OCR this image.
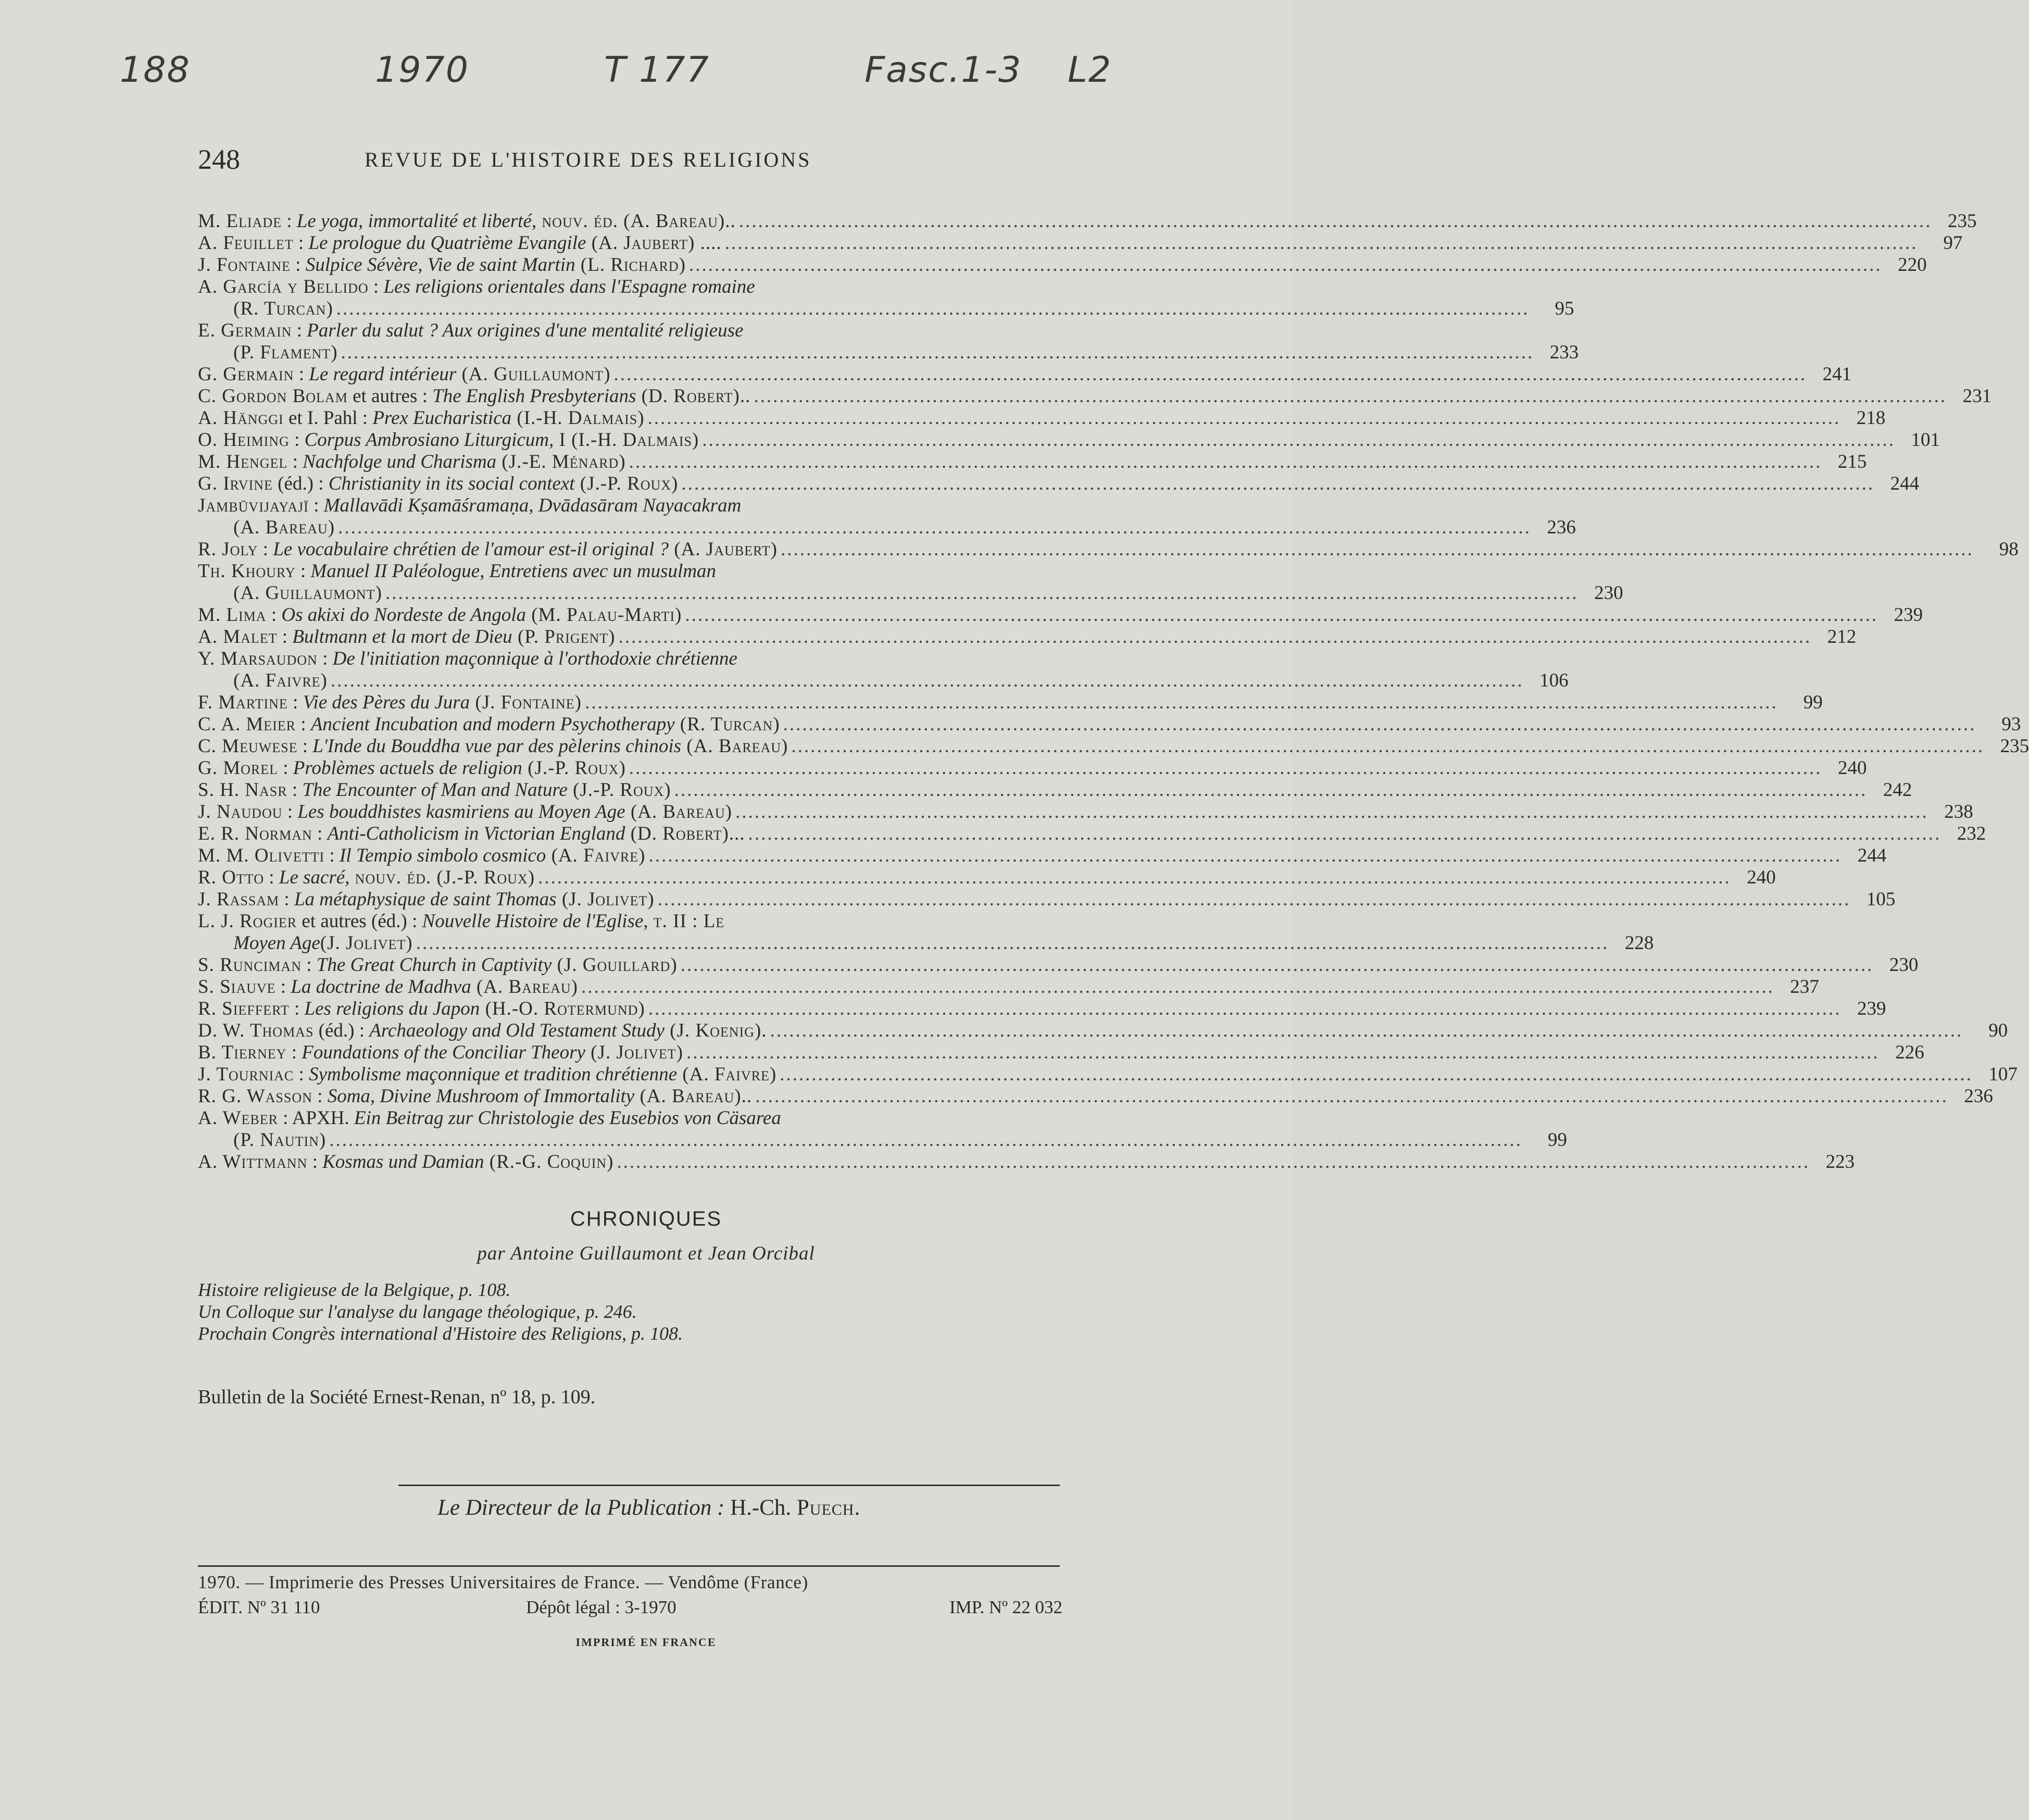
188	1970	T 177	Fasc.1-3 L2
248	REVUE DE L'HISTOIRE DES RELIGIONS
M. Eliade : Le yoga, immortalité et liberté, nouv. éd. (A. Bareau).. .....	235
A. Feuillet : Le prologue du Quatrième Evangile (A. Jaubert) .... .....	97
J. Fontaine : Sulpice Sévère, Vie de saint Martin (L. Richard) .....	220
A. García y Bellido : Les religions orientales dans l'Espagne romaine
(R. Turcan) .....	95
E. Germain : Parler du salut ? Aux origines d'une mentalité religieuse
(P. Flament) .....	233
G. Germain : Le regard intérieur (A. Guillaumont) .....	241
C. Gordon Bolam et autres : The English Presbyterians (D. Robert).. .....	231
A. Hänggi et I. Pahl : Prex Eucharistica (I.-H. Dalmais) .....	218
O. Heiming : Corpus Ambrosiano Liturgicum, I (I.-H. Dalmais) .....	101
M. Hengel : Nachfolge und Charisma (J.-E. Ménard) .....	215
G. Irvine (éd.) : Christianity in its social context (J.-P. Roux) .....	244
Jambūvijayajī : Mallavādi Kṣamāśramaṇa, Dvādasāram Nayacakram
(A. Bareau) .....	236
R. Joly : Le vocabulaire chrétien de l'amour est-il original ? (A. Jaubert) .....	98
Th. Khoury : Manuel II Paléologue, Entretiens avec un musulman
(A. Guillaumont) .....	230
M. Lima : Os akixi do Nordeste de Angola (M. Palau-Marti) .....	239
A. Malet : Bultmann et la mort de Dieu (P. Prigent) .....	212
Y. Marsaudon : De l'initiation maçonnique à l'orthodoxie chrétienne
(A. Faivre) .....	106
F. Martine : Vie des Pères du Jura (J. Fontaine) .....	99
C. A. Meier : Ancient Incubation and modern Psychotherapy (R. Turcan) .....	93
C. Meuwese : L'Inde du Bouddha vue par des pèlerins chinois (A. Bareau) .....	235
G. Morel : Problèmes actuels de religion (J.-P. Roux) .....	240
S. H. Nasr : The Encounter of Man and Nature (J.-P. Roux) .....	242
J. Naudou : Les bouddhistes kasmiriens au Moyen Age (A. Bareau) .....	238
E. R. Norman : Anti-Catholicism in Victorian England (D. Robert)... .....	232
M. M. Olivetti : Il Tempio simbolo cosmico (A. Faivre) .....	244
R. Otto : Le sacré, nouv. éd. (J.-P. Roux) .....	240
J. Rassam : La métaphysique de saint Thomas (J. Jolivet) .....	105
L. J. Rogier et autres (éd.) : Nouvelle Histoire de l'Eglise, t. II : Le
Moyen Age (J. Jolivet) .....	228
S. Runciman : The Great Church in Captivity (J. Gouillard) .....	230
S. Siauve : La doctrine de Madhva (A. Bareau) .....	237
R. Sieffert : Les religions du Japon (H.-O. Rotermund) .....	239
D. W. Thomas (éd.) : Archaeology and Old Testament Study (J. Koenig). .....	90
B. Tierney : Foundations of the Conciliar Theory (J. Jolivet) .....	226
J. Tourniac : Symbolisme maçonnique et tradition chrétienne (A. Faivre) .....	107
R. G. Wasson : Soma, Divine Mushroom of Immortality (A. Bareau).. .....	236
A. Weber : APXH. Ein Beitrag zur Christologie des Eusebios von Cäsarea
(P. Nautin) .....	99
A. Wittmann : Kosmas und Damian (R.-G. Coquin) .....	223
CHRONIQUES
par Antoine Guillaumont et Jean Orcibal
Histoire religieuse de la Belgique, p. 108.
Un Colloque sur l'analyse du langage théologique, p. 246.
Prochain Congrès international d'Histoire des Religions, p. 108.
Bulletin de la Société Ernest-Renan, nº 18, p. 109.
Le Directeur de la Publication : H.-Ch. Puech.
1970. — Imprimerie des Presses Universitaires de France. — Vendôme (France)
ÉDIT. Nº 31 110	Dépôt légal : 3-1970	IMP. Nº 22 032
IMPRIMÉ EN FRANCE
